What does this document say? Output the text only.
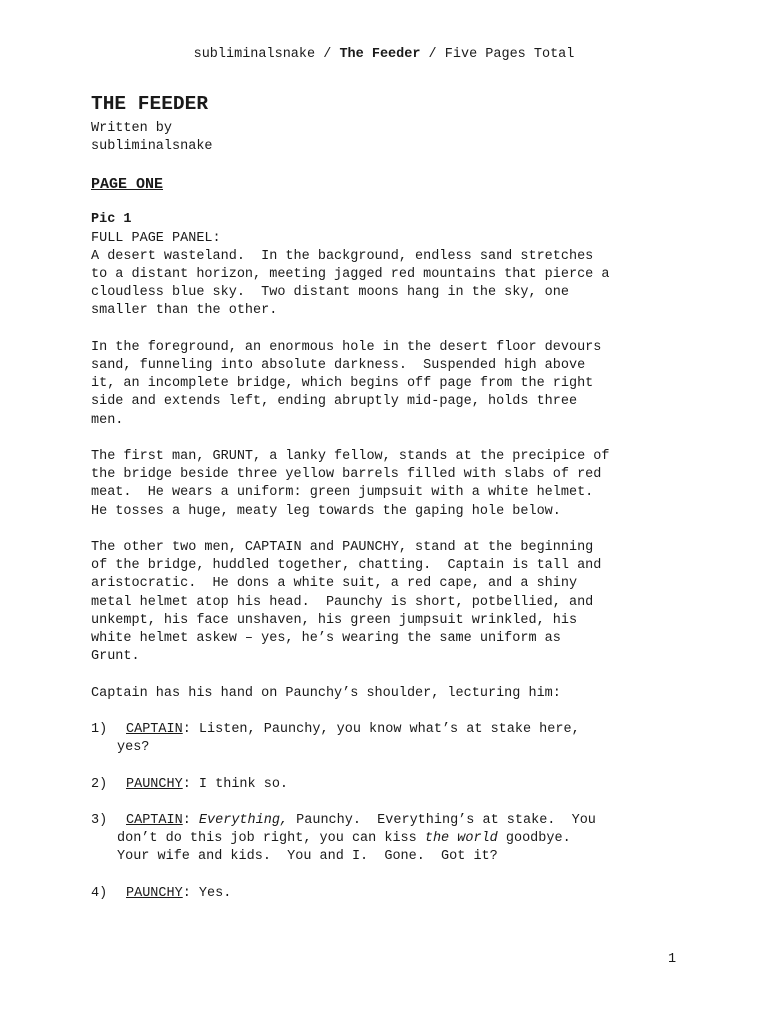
subliminalsnake / The Feeder / Five Pages Total
THE FEEDER
Written by
subliminalsnake
PAGE ONE
Pic 1
FULL PAGE PANEL:

A desert wasteland.  In the background, endless sand stretches
to a distant horizon, meeting jagged red mountains that pierce a
cloudless blue sky.  Two distant moons hang in the sky, one
smaller than the other.

In the foreground, an enormous hole in the desert floor devours
sand, funneling into absolute darkness.  Suspended high above
it, an incomplete bridge, which begins off page from the right
side and extends left, ending abruptly mid-page, holds three
men.

The first man, GRUNT, a lanky fellow, stands at the precipice of
the bridge beside three yellow barrels filled with slabs of red
meat.  He wears a uniform: green jumpsuit with a white helmet.
He tosses a huge, meaty leg towards the gaping hole below.

The other two men, CAPTAIN and PAUNCHY, stand at the beginning
of the bridge, huddled together, chatting.  Captain is tall and
aristocratic.  He dons a white suit, a red cape, and a shiny
metal helmet atop his head.  Paunchy is short, potbellied, and
unkempt, his face unshaven, his green jumpsuit wrinkled, his
white helmet askew – yes, he’s wearing the same uniform as
Grunt.

Captain has his hand on Paunchy’s shoulder, lecturing him:

1)	CAPTAIN: Listen, Paunchy, you know what’s at stake here,
yes?
2)	PAUNCHY: I think so.
3)	CAPTAIN: Everything, Paunchy.  Everything’s at stake.  You
don’t do this job right, you can kiss the world goodbye.
Your wife and kids.  You and I.  Gone.  Got it?
4)	PAUNCHY: Yes.
1
